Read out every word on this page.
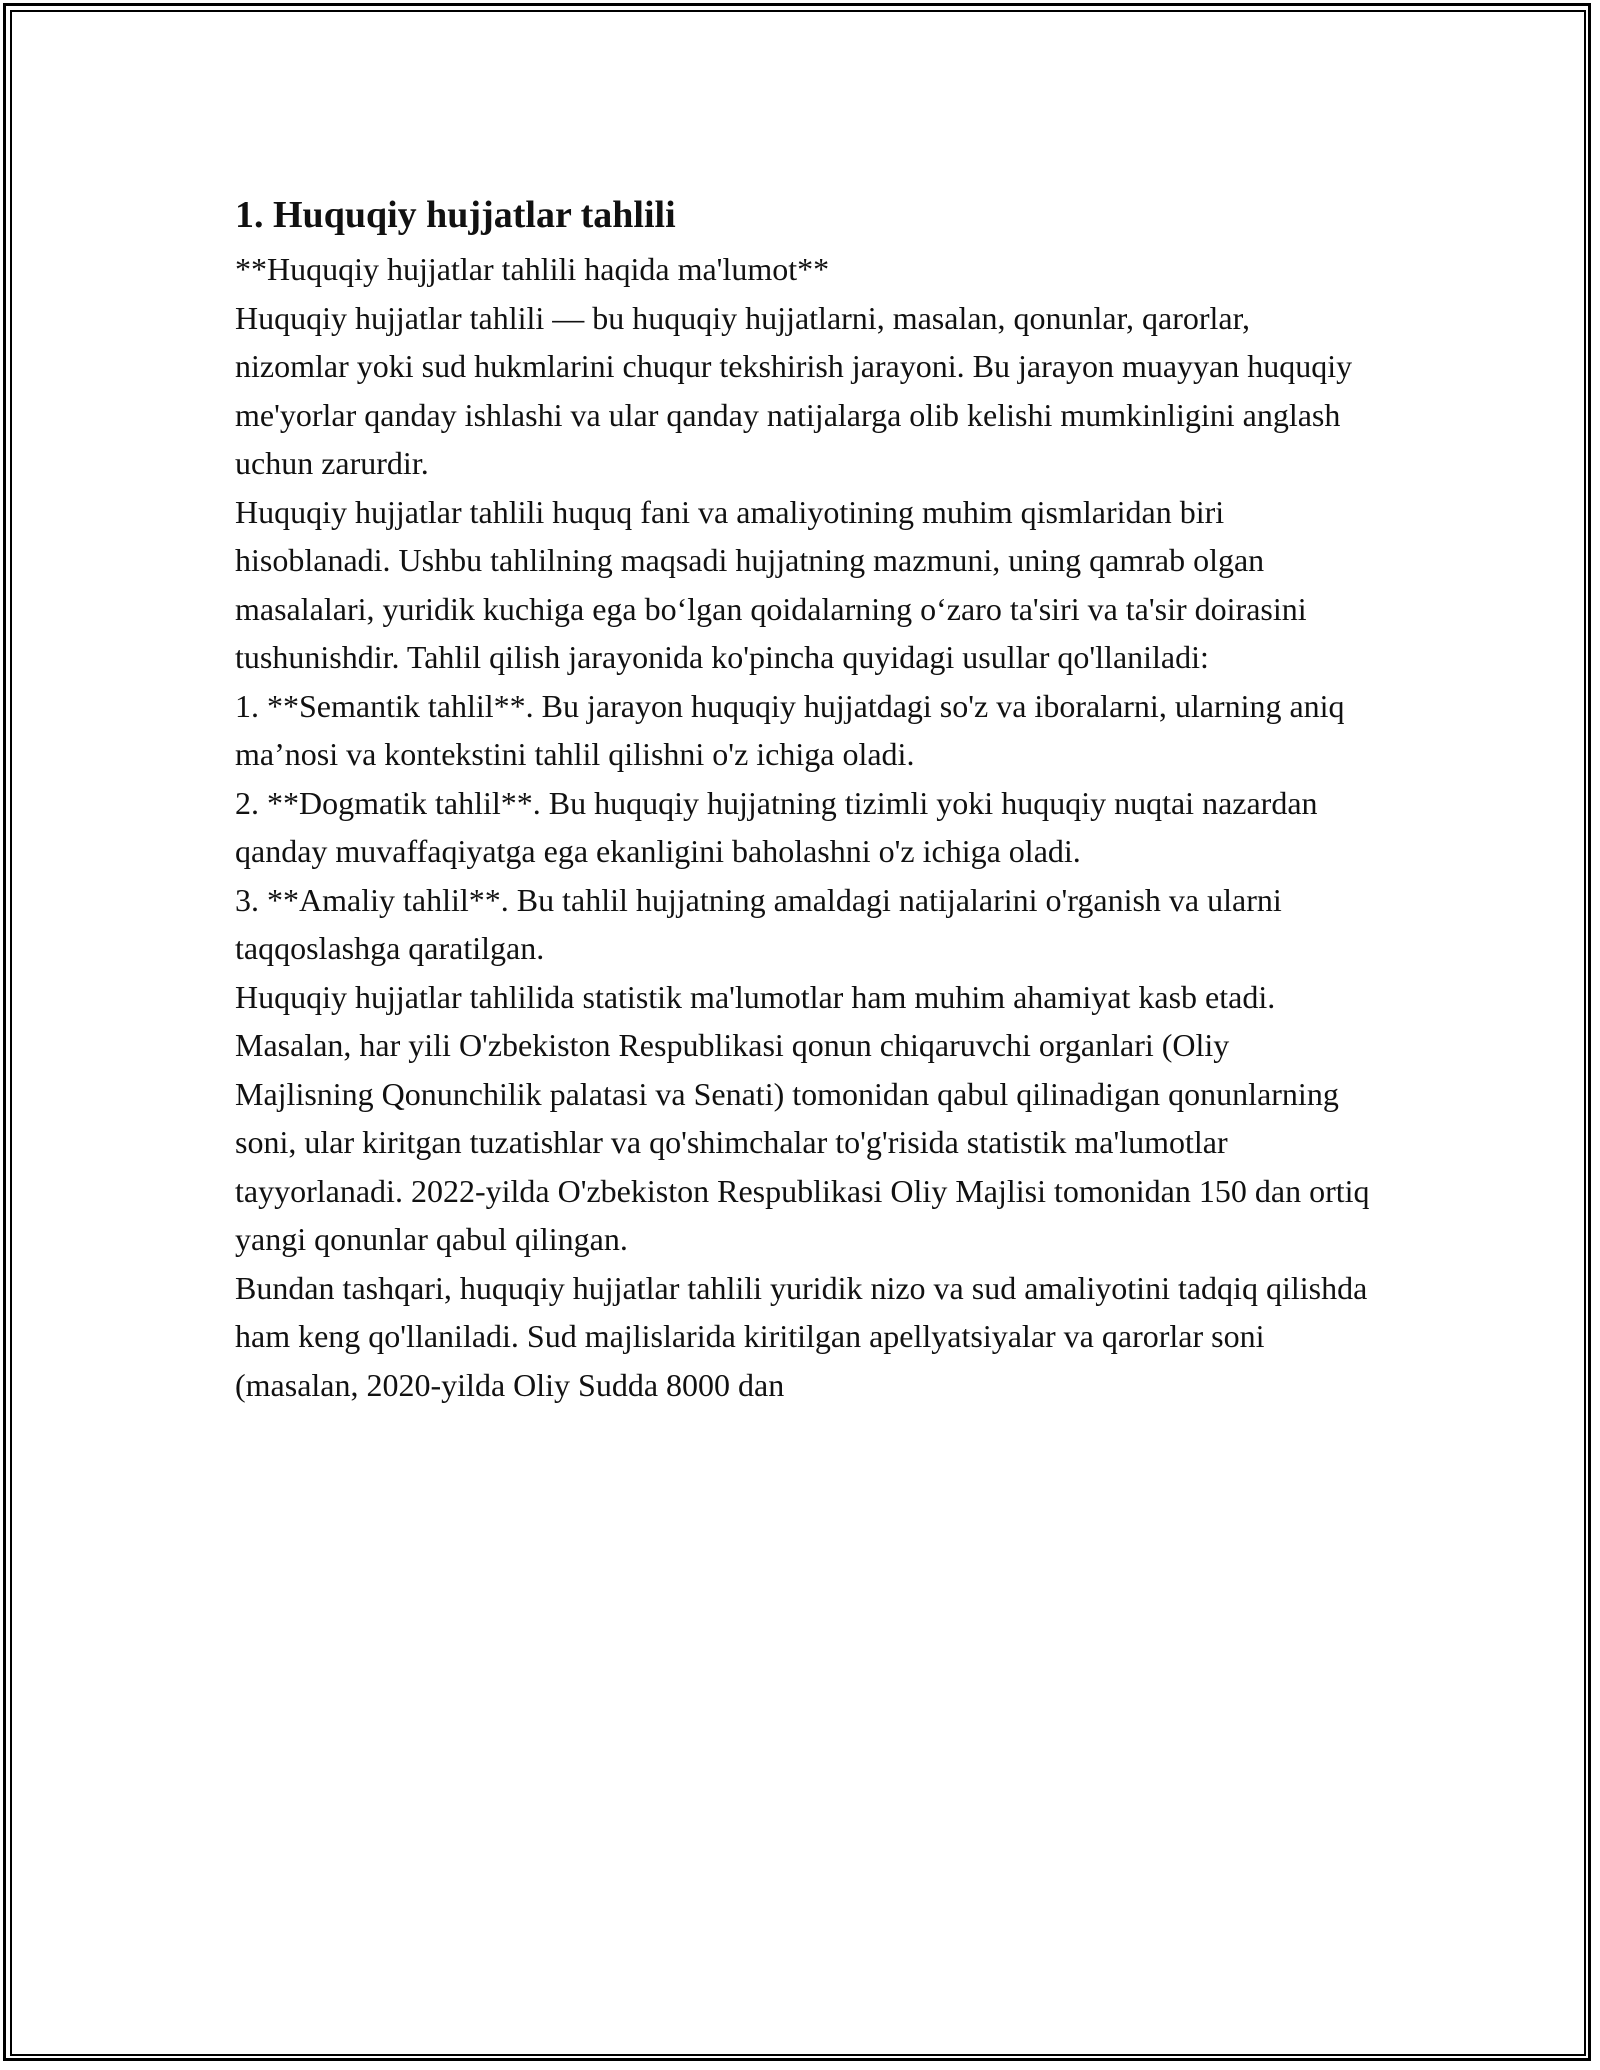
1. Huquqiy hujjatlar tahlili

**Huquqiy hujjatlar tahlili haqida ma'lumot**

Huquqiy hujjatlar tahlili — bu huquqiy hujjatlarni, masalan, qonunlar, qarorlar, nizomlar yoki sud hukmlarini chuqur tekshirish jarayoni. Bu jarayon muayyan huquqiy me'yorlar qanday ishlashi va ular qanday natijalarga olib kelishi mumkinligini anglash uchun zarurdir.

Huquqiy hujjatlar tahlili huquq fani va amaliyotining muhim qismlaridan biri hisoblanadi. Ushbu tahlilning maqsadi hujjatning mazmuni, uning qamrab olgan masalalari, yuridik kuchiga ega boʻlgan qoidalarning oʻzaro ta'siri va ta'sir doirasini tushunishdir. Tahlil qilish jarayonida ko'pincha quyidagi usullar qo'llaniladi:

1. **Semantik tahlil**. Bu jarayon huquqiy hujjatdagi so'z va iboralarni, ularning aniq ma’nosi va kontekstini tahlil qilishni o'z ichiga oladi.

2. **Dogmatik tahlil**. Bu huquqiy hujjatning tizimli yoki huquqiy nuqtai nazardan qanday muvaffaqiyatga ega ekanligini baholashni o'z ichiga oladi.

3. **Amaliy tahlil**. Bu tahlil hujjatning amaldagi natijalarini o'rganish va ularni taqqoslashga qaratilgan.

Huquqiy hujjatlar tahlilida statistik ma'lumotlar ham muhim ahamiyat kasb etadi. Masalan, har yili O'zbekiston Respublikasi qonun chiqaruvchi organlari (Oliy Majlisning Qonunchilik palatasi va Senati) tomonidan qabul qilinadigan qonunlarning soni, ular kiritgan tuzatishlar va qo'shimchalar to'g'risida statistik ma'lumotlar tayyorlanadi. 2022-yilda O'zbekiston Respublikasi Oliy Majlisi tomonidan 150 dan ortiq yangi qonunlar qabul qilingan.

Bundan tashqari, huquqiy hujjatlar tahlili yuridik nizo va sud amaliyotini tadqiq qilishda ham keng qo'llaniladi. Sud majlislarida kiritilgan apellyatsiyalar va qarorlar soni (masalan, 2020-yilda Oliy Sudda 8000 dan
